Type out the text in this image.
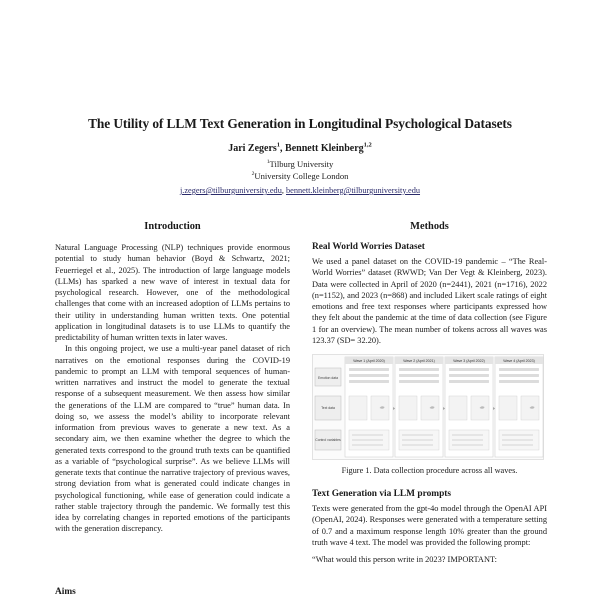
The Utility of LLM Text Generation in Longitudinal Psychological Datasets
Jari Zegers$^1$, Bennett Kleinberg$^{1,2}$
$^1$Tilburg University
$^2$University College London
j.zegers@tilburguniversity.edu, bennett.kleinberg@tilburguniversity.edu
Introduction

Natural Language Processing (NLP) techniques provide enormous potential to study human behavior (Boyd & Schwartz, 2021; Feuerriegel et al., 2025). The introduction of large language models (LLMs) has sparked a new wave of interest in textual data for psychological research. However, one of the methodological challenges that come with an increased adoption of LLMs pertains to their utility in understanding human written texts. One potential application in longitudinal datasets is to use LLMs to quantify the predictability of human written texts in later waves.

In this ongoing project, we use a multi-year panel dataset of rich narratives on the emotional responses during the COVID-19 pandemic to prompt an LLM with temporal sequences of human-written narratives and instruct the model to generate the textual response of a subsequent measurement. We then assess how similar the generations of the LLM are compared to “true” human data. In doing so, we assess the model’s ability to incorporate relevant information from previous waves to generate a new text. As a secondary aim, we then examine whether the degree to which the generated texts correspond to the ground truth texts can be quantified as a variable of “psychological surprise”. As we believe LLMs will generate texts that continue the narrative trajectory of previous waves, strong deviation from what is generated could indicate changes in psychological functioning, while ease of generation could indicate a rather stable trajectory through the pandemic. We formally test this idea by correlating changes in reported emotions of the participants with the generation discrepancy.

Aims
Methods
Real World Worries Dataset

We used a panel dataset on the COVID-19 pandemic – “The Real-World Worries” dataset (RWWD; Van Der Vegt & Kleinberg, 2023). Data were collected in April of 2020 (n=2441), 2021 (n=1716), 2022 (n=1152), and 2023 (n=868) and included Likert scale ratings of eight emotions and free text responses where participants expressed how they felt about the pandemic at the time of data collection (see Figure 1 for an overview). The mean number of tokens across all waves was 123.37 (SD= 32.20).

Emotion data
Text data
Control variables
Wave 1 (April 2020)	Wave 2 (April 2021)	Wave 3 (April 2022)	Wave 4 (April 2023)
Figure 1. Data collection procedure across all waves.
Text Generation via LLM prompts

Texts were generated from the gpt-4o model through the OpenAI API (OpenAI, 2024). Responses were generated with a temperature setting of 0.7 and a maximum response length 10% greater than the ground truth wave 4 text. The model was provided the following prompt:

“What would this person write in 2023? IMPORTANT:
